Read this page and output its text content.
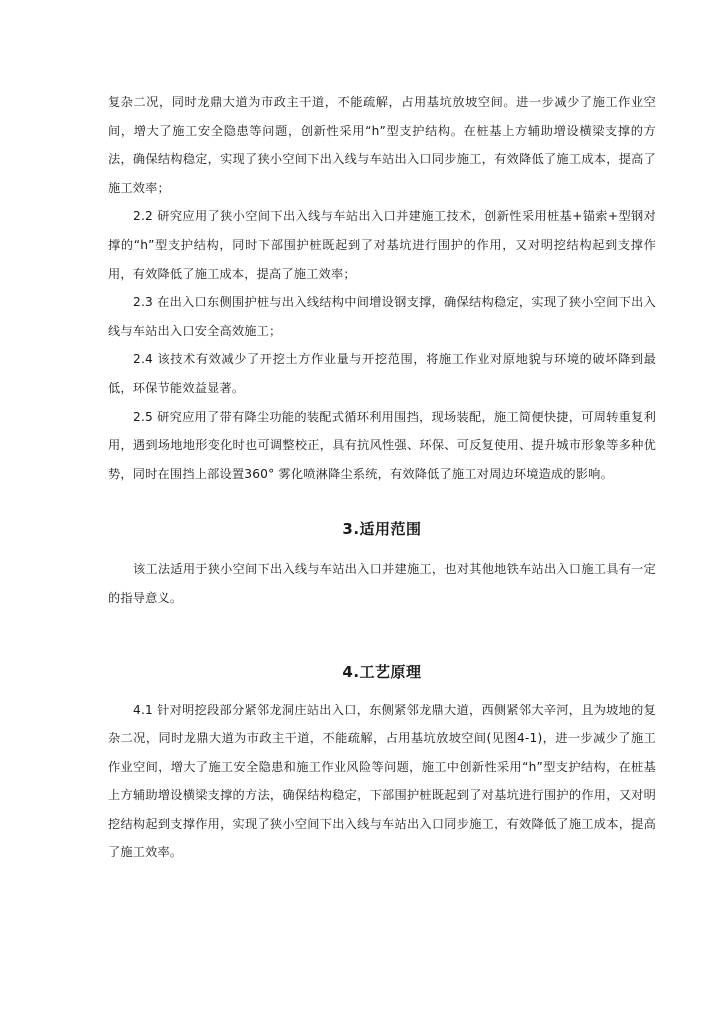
复杂二况，同时龙鼎大道为市政主干道，不能疏解，占用基坑放坡空间。进一步减少了施工作业空间，增大了施工安全隐患等问题，创新性采用“h”型支护结构。在桩基上方辅助增设横梁支撑的方法，确保结构稳定，实现了狭小空间下出入线与车站出入口同步施工，有效降低了施工成本，提高了施工效率；

2.2 研究应用了狭小空间下出入线与车站出入口并建施工技术，创新性采用桩基+锚索+型钢对撑的“h”型支护结构，同时下部围护桩既起到了对基坑进行围护的作用，又对明挖结构起到支撑作用，有效降低了施工成本，提高了施工效率；

2.3 在出入口东侧围护桩与出入线结构中间增设钢支撑，确保结构稳定，实现了狭小空间下出入线与车站出入口安全高效施工；

2.4 该技术有效减少了开挖土方作业量与开挖范围，将施工作业对原地貌与环境的破坏降到最低，环保节能效益显著。

2.5 研究应用了带有降尘功能的装配式循环利用围挡，现场装配，施工简便快捷，可周转重复利用，遇到场地地形变化时也可调整校正，具有抗风性强、环保、可反复使用、提升城市形象等多种优势，同时在围挡上部设置360° 雾化喷淋降尘系统，有效降低了施工对周边环境造成的影响。

3.适用范围

该工法适用于狭小空间下出入线与车站出入口并建施工，也对其他地铁车站出入口施工具有一定的指导意义。

4.工艺原理

4.1 针对明挖段部分紧邻龙洞庄站出入口，东侧紧邻龙鼎大道，西侧紧邻大辛河，且为坡地的复杂二况，同时龙鼎大道为市政主干道，不能疏解，占用基坑放坡空间(见图4-1)，进一步减少了施工作业空间，增大了施工安全隐患和施工作业风险等问题，施工中创新性采用“h”型支护结构，在桩基上方辅助增设横梁支撑的方法，确保结构稳定，下部围护桩既起到了对基坑进行围护的作用，又对明挖结构起到支撑作用，实现了狭小空间下出入线与车站出入口同步施工，有效降低了施工成本，提高了施工效率。
